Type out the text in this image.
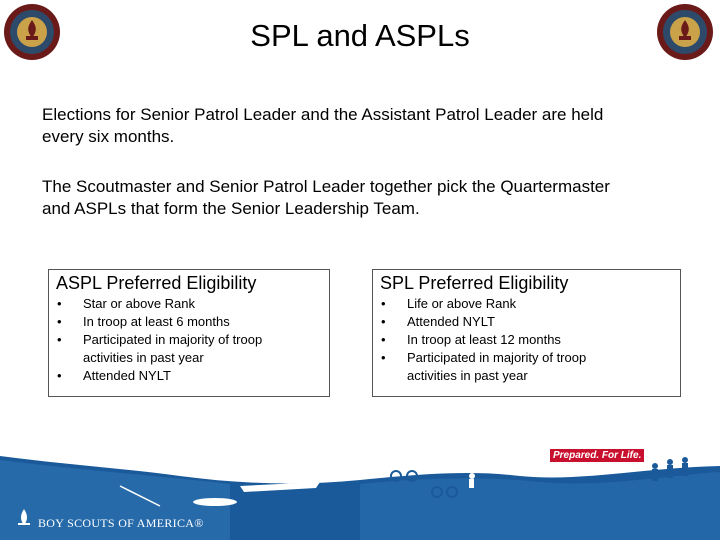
SPL and ASPLs
Elections for Senior Patrol Leader and the Assistant Patrol Leader are held every six months.
The Scoutmaster and Senior Patrol Leader together pick the Quartermaster and ASPLs that form the Senior Leadership Team.
ASPL Preferred Eligibility
• Star or above Rank
• In troop at least 6 months
• Participated in majority of troop activities in past year
• Attended NYLT
SPL Preferred Eligibility
• Life or above Rank
• Attended NYLT
• In troop at least 12 months
• Participated in majority of troop activities in past year
Prepared. For Life.
BOY SCOUTS OF AMERICA®
